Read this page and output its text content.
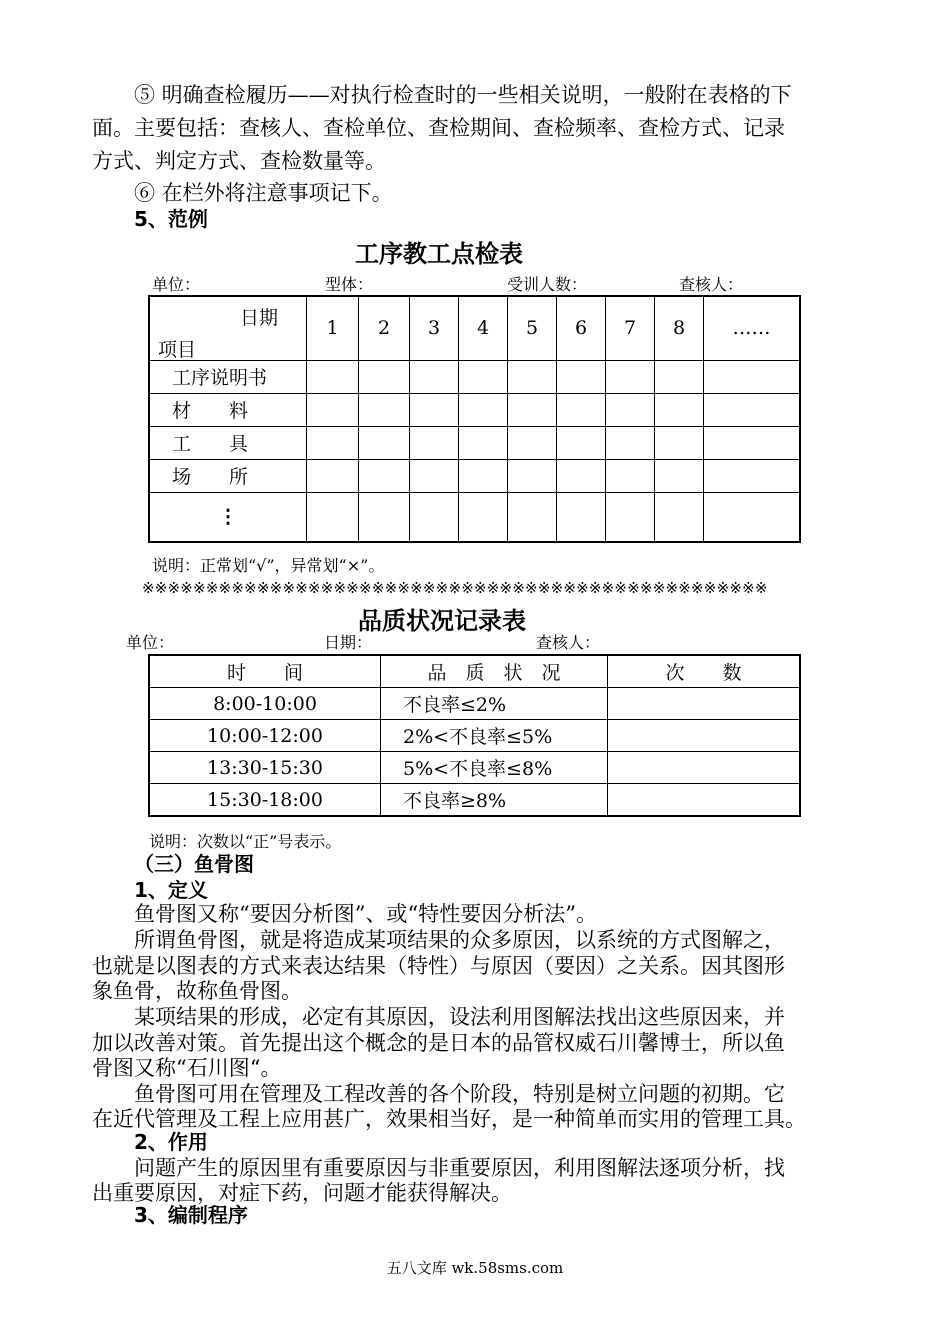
⑤ 明确查检履历——对执行检查时的一些相关说明，一般附在表格的下
面。主要包括：查核人、查检单位、查检期间、查检频率、查检方式、记录
方式、判定方式、查检数量等。
⑥ 在栏外将注意事项记下。
5、范例
工序教工点检表
单位：	型体：	受训人数：	查核人：
日期
项目	1	2	3	4	5	6	7	8	……
工序说明书									
材　　料									
工　　具									
场　　所									
⋮									
说明：正常划“√”，异常划“×”。
※※※※※※※※※※※※※※※※※※※※※※※※※※※※※※※※※※※※※※※※※※※※※※※※※
品质状况记录表
单位：	日期：	查核人：
时　　间	品　质　状　况	次　　数
8:00-10:00	不良率≤2%	
10:00-12:00	2%<不良率≤5%	
13:30-15:30	5%<不良率≤8%	
15:30-18:00	不良率≥8%	
说明：次数以“正”号表示。
（三）鱼骨图
1、定义
鱼骨图又称“要因分析图”、或“特性要因分析法”。
所谓鱼骨图，就是将造成某项结果的众多原因，以系统的方式图解之，
也就是以图表的方式来表达结果（特性）与原因（要因）之关系。因其图形
象鱼骨，故称鱼骨图。
某项结果的形成，必定有其原因，设法利用图解法找出这些原因来，并
加以改善对策。首先提出这个概念的是日本的品管权威石川馨博士，所以鱼
骨图又称“石川图“。
鱼骨图可用在管理及工程改善的各个阶段，特别是树立问题的初期。它
在近代管理及工程上应用甚广，效果相当好，是一种简单而实用的管理工具。
2、作用
问题产生的原因里有重要原因与非重要原因，利用图解法逐项分析，找
出重要原因，对症下药，问题才能获得解决。
3、编制程序
五八文库 wk.58sms.com
